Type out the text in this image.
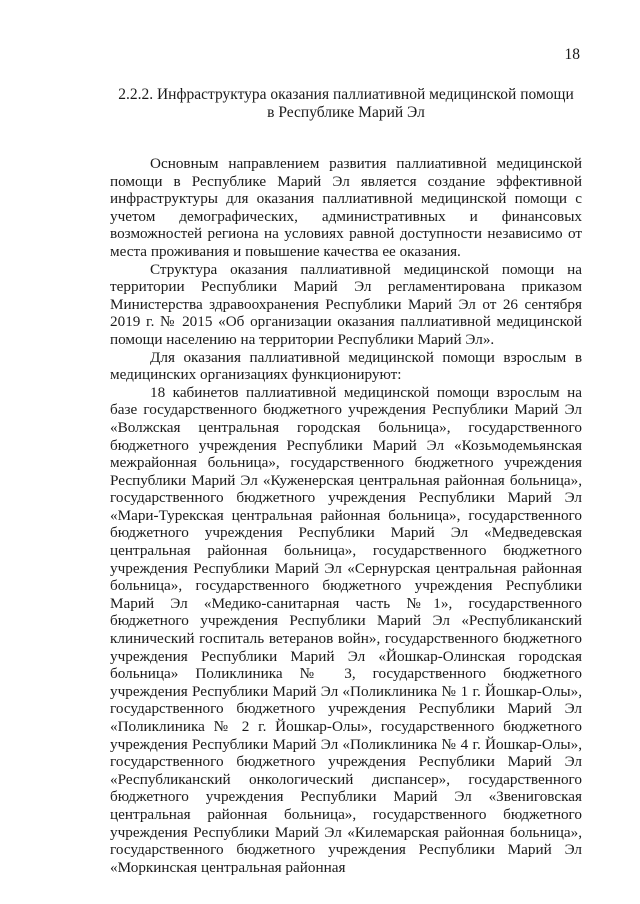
18
2.2.2. Инфраструктура оказания паллиативной медицинской помощи
в Республике Марий Эл

Основным направлением развития паллиативной медицинской помощи в Республике Марий Эл является создание эффективной инфраструктуры для оказания паллиативной медицинской помощи с учетом демографических, административных и финансовых возможностей региона на условиях равной доступности независимо от места проживания и повышение качества ее оказания.

Структура оказания паллиативной медицинской помощи на территории Республики Марий Эл регламентирована приказом Министерства здравоохранения Республики Марий Эл от 26 сентября 2019 г. № 2015 «Об организации оказания паллиативной медицинской помощи населению на территории Республики Марий Эл».

Для оказания паллиативной медицинской помощи взрослым в медицинских организациях функционируют:

18 кабинетов паллиативной медицинской помощи взрослым на базе государственного бюджетного учреждения Республики Марий Эл «Волжская центральная городская больница», государственного бюджетного учреждения Республики Марий Эл «Козьмодемьянская межрайонная больница», государственного бюджетного учреждения Республики Марий Эл «Куженерская центральная районная больница», государственного бюджетного учреждения Республики Марий Эл «Мари-Турекская центральная районная больница», государственного бюджетного учреждения Республики Марий Эл «Медведевская центральная районная больница», государственного бюджетного учреждения Республики Марий Эл «Сернурская центральная районная больница», государственного бюджетного учреждения Республики Марий Эл «Медико-санитарная часть №1», государственного бюджетного учреждения Республики Марий Эл «Республиканский клинический госпиталь ветеранов войн», государственного бюджетного учреждения Республики Марий Эл «Йошкар-Олинская городская больница» Поликлиника № 3, государственного бюджетного учреждения Республики Марий Эл «Поликлиника № 1 г. Йошкар-Олы», государственного бюджетного учреждения Республики Марий Эл «Поликлиника № 2 г. Йошкар-Олы», государственного бюджетного учреждения Республики Марий Эл «Поликлиника № 4 г. Йошкар-Олы», государственного бюджетного учреждения Республики Марий Эл «Республиканский онкологический диспансер», государственного бюджетного учреждения Республики Марий Эл «Звениговская центральная районная больница», государственного бюджетного учреждения Республики Марий Эл «Килемарская районная больница», государственного бюджетного учреждения Республики Марий Эл «Моркинская центральная районная
